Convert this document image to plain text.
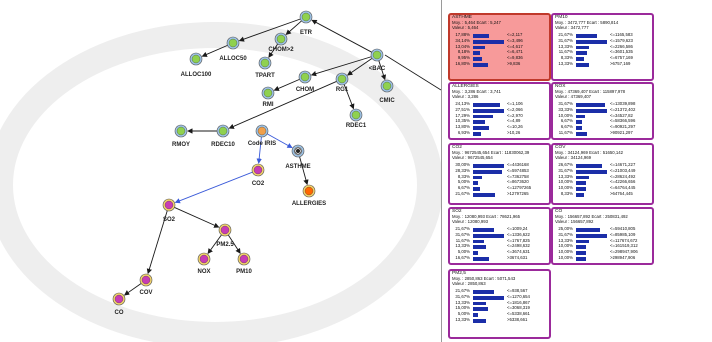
ETR
CHOM>2
ALLOC50
ALLOC100	TPART
<BAC
CMIC
CHOM	RG1
RMI
RDEC1
RMOY	RDEC10 Code IRIS
ASTHME
ALLERGIES
CO2
SO2
PM2.5
NOX	PM10
COV
CO
ASTHME
Moy. : 5,464 Ecart : 5,247
Valeur : 5,464
17,88%	<=2,117
34,14%	<=3,496
13,04%	<=4,617
8,18%	<=6,471
9,95%	<=9,836
16,80%	>9,836
PM10
Moy. : 3472,777 Ecart : 5890,814
Valeur : 3472,777
21,67%	<=1165,583
31,67%	<=1579,623
13,33%	<=2266,586
11,67%	<=3601,535
8,33%	<=6757,169
13,33%	>6757,169
ALLERGIES
Moy. : 3,286 Ecart : 3,741
Valeur : 3,286
24,13%	<=1,106
27,51%	<=2,066
17,29%	<=2,970
10,35%	<=4,89
13,80%	<=10,26
6,93%	>10,26
NOX
Moy. : 47369,407 Ecart : 115897,978
Valeur : 47369,407
31,67%	<=13039,898
33,33%	<=21372,402
10,00%	<=34527,82
6,67%	<=58366,596
6,67%	<=90921,297
11,67%	>90921,297
CO2
Moy. : 9672545,654 Ecart : 11830062,39
Valeur : 9672545,654
30,00%	<=4436168
28,33%	<=5974853
8,33%	<=7362758
5,00%	<=8673620
6,67%	<=12797265
21,67%	>12797265
COV
Moy. : 34124,969 Ecart : 51650,142
Valeur : 34124,969
26,67%	<=14671,227
31,67%	<=21003,449
13,33%	<=28624,492
10,00%	<=42266,656
10,00%	<=64764,445
8,33%	>64764,445
SO2
Moy. : 12080,993 Ecart : 78621,965
Valeur : 12080,993
21,67%	<=1009,24
31,67%	<=1336,622
11,67%	<=1767,825
13,33%	<=2498,632
5,00%	<=3674,631
16,67%	>3674,631
CO
Moy. : 156657,892 Ecart : 250831,492
Valeur : 156657,892
25,00%	<=59410,805
31,67%	<=85985,109
13,33%	<=117674,672
10,00%	<=161519,312
10,00%	<=298947,906
10,00%	>298947,906
PM2,5
Moy. : 2850,863 Ecart : 5071,543
Valeur : 2850,863
21,67%	<=938,567
31,67%	<=1270,654
13,33%	<=1816,867
15,00%	<=3068,319
5,00%	<=5338,661
13,33%	>5338,661
